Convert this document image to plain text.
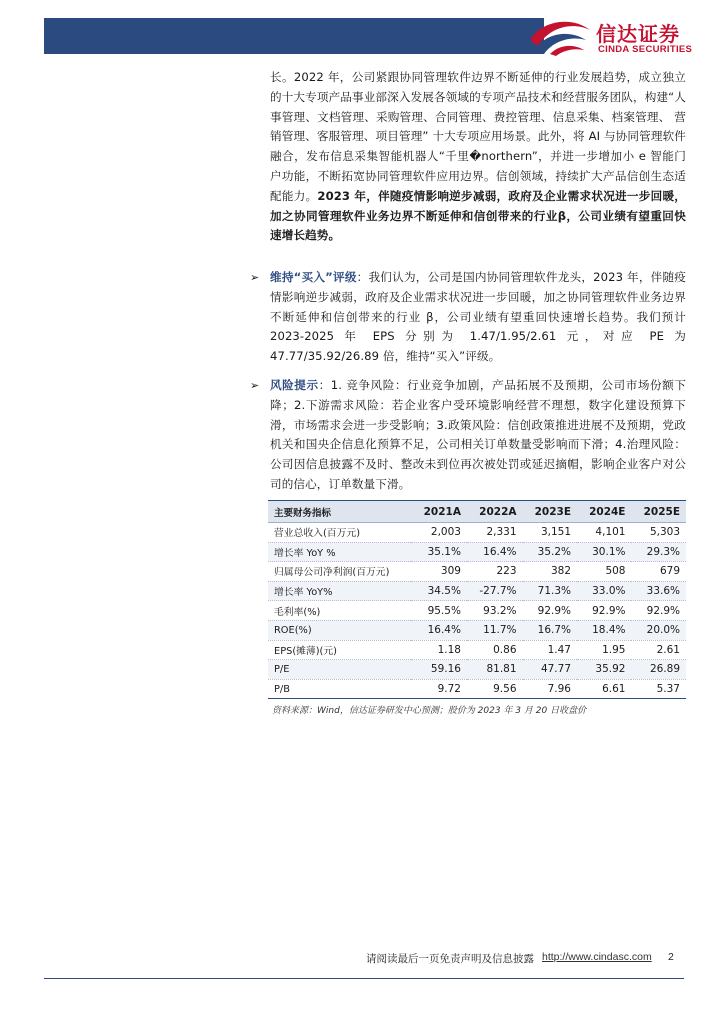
信达证券
CINDA SECURITIES

长。2022 年，公司紧跟协同管理软件边界不断延伸的行业发展趋势，成立独立的十大专项产品事业部深入发展各领域的专项产品技术和经营服务团队，构建“人事管理、文档管理、采购管理、合同管理、费控管理、信息采集、档案管理、 营销管理、客服管理、项目管理” 十大专项应用场景。此外，将 AI 与协同管理软件融合，发布信息采集智能机器人“千里�northern”，并进一步增加小 e 智能门户功能，不断拓宽协同管理软件应用边界。信创领域，持续扩大产品信创生态适配能力。2023 年，伴随疫情影响逆步减弱，政府及企业需求状况进一步回暖，加之协同管理软件业务边界不断延伸和信创带来的行业β，公司业绩有望重回快速增长趋势。

➢ 维持“买入”评级：我们认为，公司是国内协同管理软件龙头，2023 年，伴随疫情影响逆步减弱，政府及企业需求状况进一步回暖，加之协同管理软件业务边界不断延伸和信创带来的行业 β，公司业绩有望重回快速增长趋势。我们预计 2023-2025 年 EPS 分别为 1.47/1.95/2.61 元，对应 PE 为 47.77/35.92/26.89 倍，维持“买入”评级。

➢ 风险提示：1. 竞争风险：行业竞争加剧，产品拓展不及预期，公司市场份额下降；2.下游需求风险：若企业客户受环境影响经营不理想，数字化建设预算下滑，市场需求会进一步受影响；3.政策风险：信创政策推进进展不及预期，党政机关和国央企信息化预算不足，公司相关订单数量受影响而下滑；4.治理风险：公司因信息披露不及时、整改未到位再次被处罚或延迟摘帽，影响企业客户对公司的信心，订单数量下滑。

主要财务指标	2021A	2022A	2023E	2024E	2025E
营业总收入(百万元)	2,003	2,331	3,151	4,101	5,303
增长率 YoY %	35.1%	16.4%	35.2%	30.1%	29.3%
归属母公司净利润(百万元)	309	223	382	508	679
增长率 YoY%	34.5%	-27.7%	71.3%	33.0%	33.6%
毛利率(%)	95.5%	93.2%	92.9%	92.9%	92.9%
ROE(%)	16.4%	11.7%	16.7%	18.4%	20.0%
EPS(摊薄)(元)	1.18	0.86	1.47	1.95	2.61
P/E	59.16	81.81	47.77	35.92	26.89
P/B	9.72	9.56	7.96	6.61	5.37
资料来源：Wind，信达证券研发中心预测；股价为 2023 年 3 月 20 日收盘价
请阅读最后一页免责声明及信息披露 http://www.cindasc.com 2
